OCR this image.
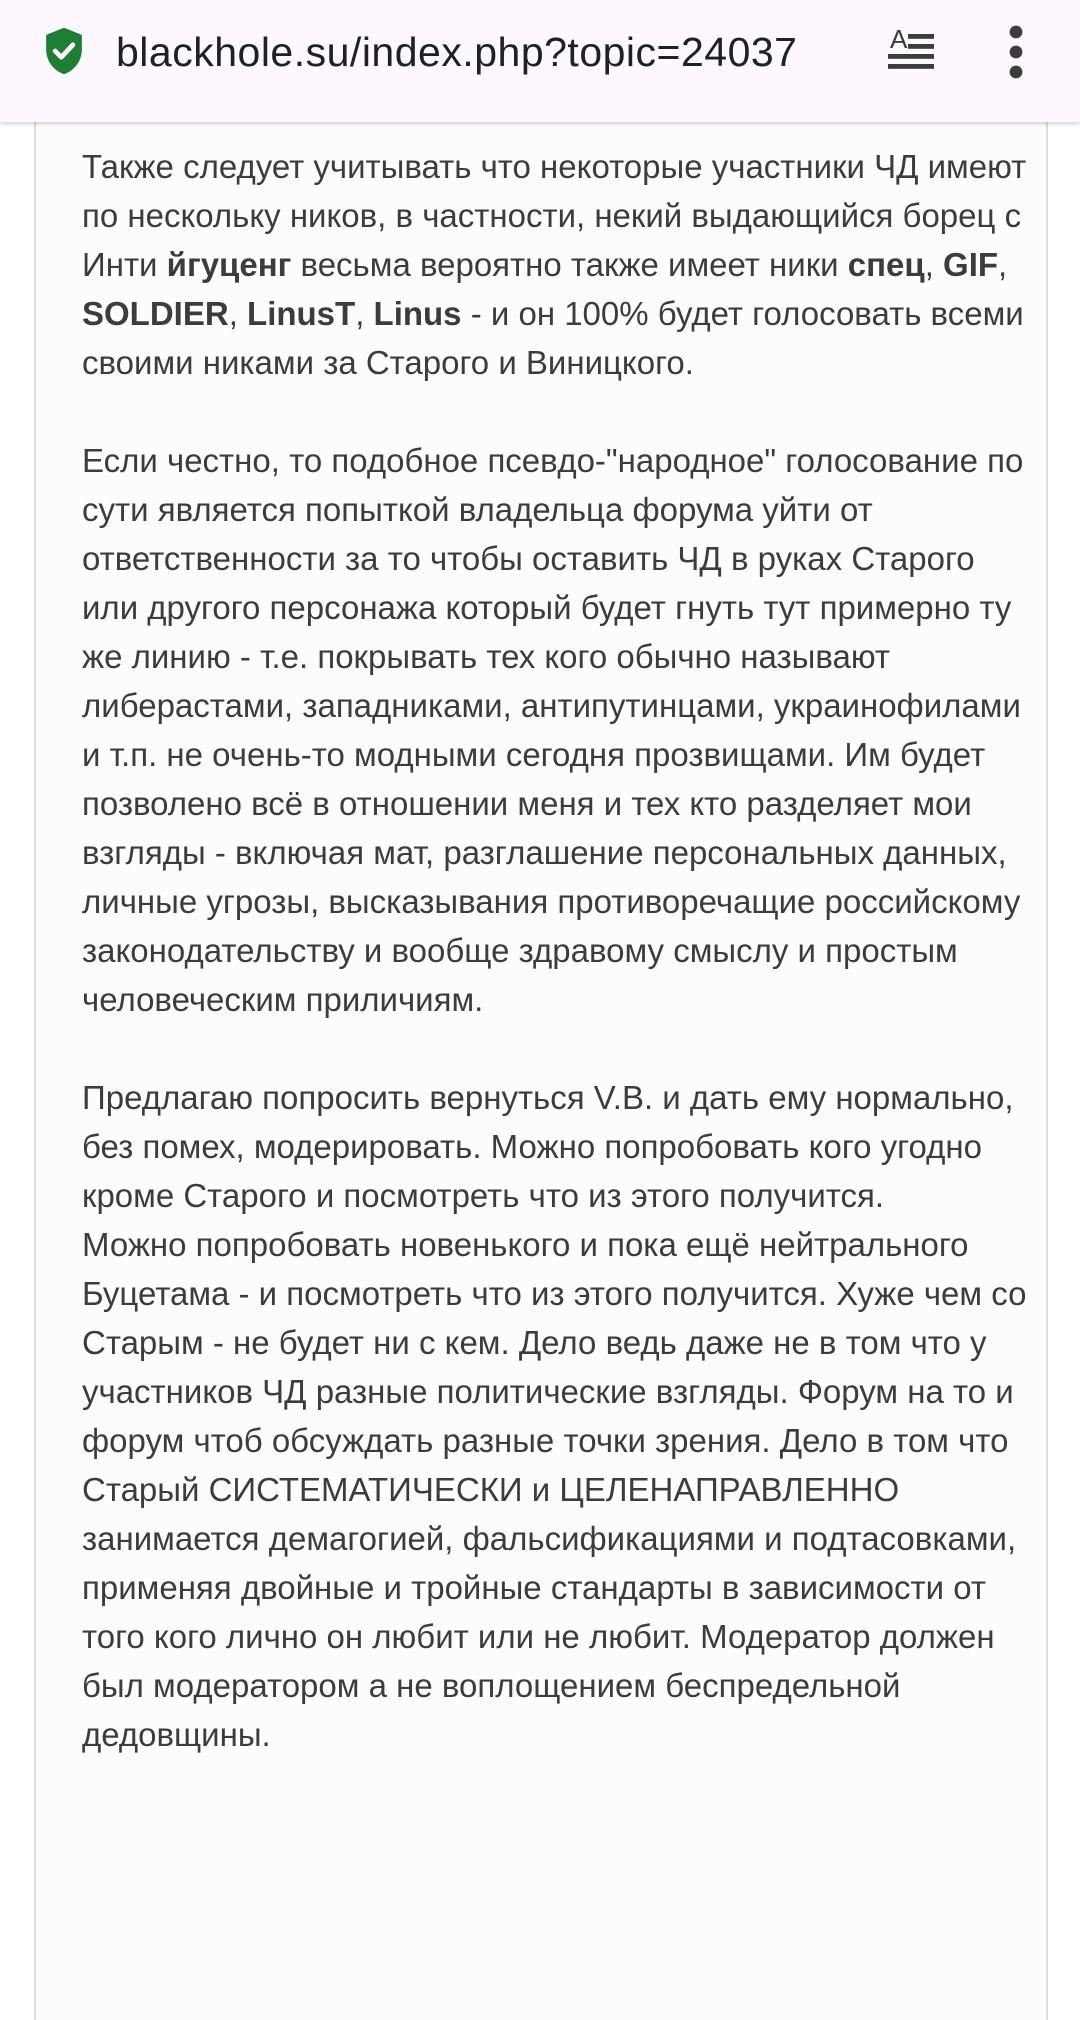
blackhole.su/index.php?topic=24037	A

Также следует учитывать что некоторые участники ЧД имеют по нескольку ников, в частности, некий выдающийся борец с Инти йгуценг весьма вероятно также имеет ники спец, GIF, SOLDIER, LinusT, Linus - и он 100% будет голосовать всеми своими никами за Старого и Виницкого.

Если честно, то подобное псевдо-"народное" голосование по сути является попыткой владельца форума уйти от ответственности за то чтобы оставить ЧД в руках Старого или другого персонажа который будет гнуть тут примерно ту же линию - т.е. покрывать тех кого обычно называют либерастами, западниками, антипутинцами, украинофилами и т.п. не очень-то модными сегодня прозвищами. Им будет позволено всё в отношении меня и тех кто разделяет мои взгляды - включая мат, разглашение персональных данных, личные угрозы, высказывания противоречащие российскому законодательству и вообще здравому смыслу и простым человеческим приличиям.

Предлагаю попросить вернуться V.B. и дать ему нормально, без помех, модерировать. Можно попробовать кого угодно кроме Старого и посмотреть что из этого получится.

Можно попробовать новенького и пока ещё нейтрального Буцетама - и посмотреть что из этого получится. Хуже чем со Старым - не будет ни с кем. Дело ведь даже не в том что у участников ЧД разные политические взгляды. Форум на то и форум чтоб обсуждать разные точки зрения. Дело в том что Старый СИСТЕМАТИЧЕСКИ и ЦЕЛЕНАПРАВЛЕННО занимается демагогией, фальсификациями и подтасовками, применяя двойные и тройные стандарты в зависимости от того кого лично он любит или не любит. Модератор должен был модератором а не воплощением беспредельной дедовщины.
